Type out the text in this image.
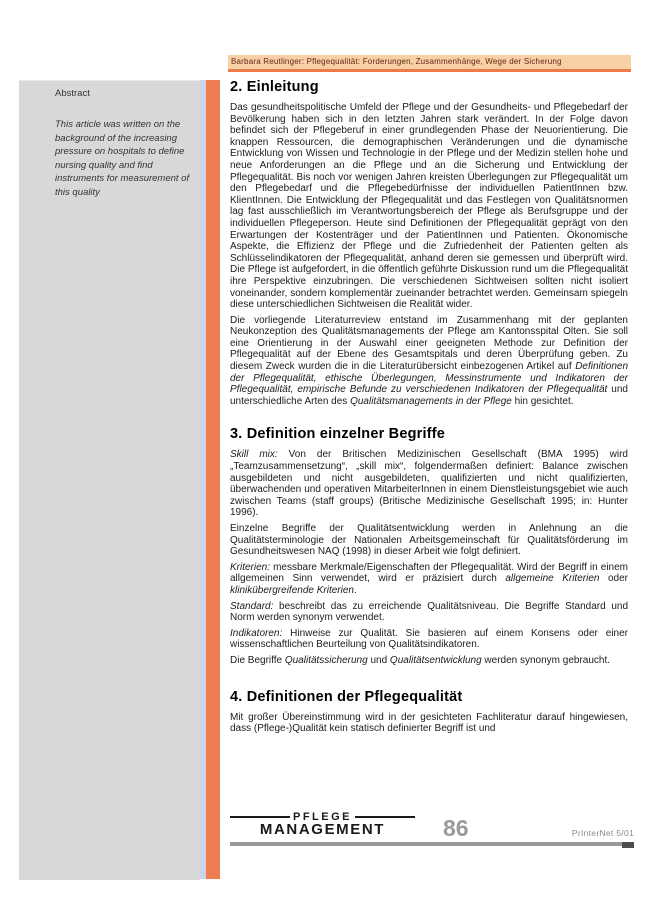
Barbara Reutlinger: Pflegequalität: Forderungen, Zusammenhänge, Wege der Sicherung
Abstract
This article was written on the background of the increasing pressure on hospitals to define nursing quality and find instruments for measurement of this quality
2. Einleitung

Das gesundheitspolitische Umfeld der Pflege und der Gesundheits- und Pflegebedarf der Bevölkerung haben sich in den letzten Jahren stark verändert. In der Folge davon befindet sich der Pflegeberuf in einer grundlegenden Phase der Neuorientierung. Die knappen Ressourcen, die demographischen Veränderungen und die dynamische Entwicklung von Wissen und Technologie in der Pflege und der Medizin stellen hohe und neue Anforderungen an die Pflege und an die Sicherung und Entwicklung der Pflegequalität. Bis noch vor wenigen Jahren kreisten Überlegungen zur Pflegequalität um den Pflegebedarf und die Pflegebedürfnisse der individuellen PatientInnen bzw. KlientInnen. Die Entwicklung der Pflegequalität und das Festlegen von Qualitätsnormen lag fast ausschließlich im Verantwortungsbereich der Pflege als Berufsgruppe und der individuellen Pflegeperson. Heute sind Definitionen der Pflegequalität geprägt von den Erwartungen der Kostenträger und der PatientInnen und Patienten. Ökonomische Aspekte, die Effizienz der Pflege und die Zufriedenheit der Patienten gelten als Schlüsselindikatoren der Pflegequalität, anhand deren sie gemessen und überprüft wird. Die Pflege ist aufgefordert, in die öffentlich geführte Diskussion rund um die Pflegequalität ihre Perspektive einzubringen. Die verschiedenen Sichtweisen sollten nicht isoliert voneinander, sondern komplementär zueinander betrachtet werden. Gemeinsam spiegeln diese unterschiedlichen Sichtweisen die Realität wider.

Die vorliegende Literaturreview entstand im Zusammenhang mit der geplanten Neukonzeption des Qualitätsmanagements der Pflege am Kantonsspital Olten. Sie soll eine Orientierung in der Auswahl einer geeigneten Methode zur Definition der Pflegequalität auf der Ebene des Gesamtspitals und deren Überprüfung geben. Zu diesem Zweck wurden die in die Literaturübersicht einbezogenen Artikel auf Definitionen der Pflegequalität, ethische Überlegungen, Messinstrumente und Indikatoren der Pflegequalität, empirische Befunde zu verschiedenen Indikatoren der Pflegequalität und unterschiedliche Arten des Qualitätsmanagements in der Pflege hin gesichtet.

3. Definition einzelner Begriffe

Skill mix: Von der Britischen Medizinischen Gesellschaft (BMA 1995) wird „Teamzusammensetzung“, „skill mix“, folgendermaßen definiert: Balance zwischen ausgebildeten und nicht ausgebildeten, qualifizierten und nicht qualifizierten, überwachenden und operativen MitarbeiterInnen in einem Dienstleistungsgebiet wie auch zwischen Teams (staff groups) (Britische Medizinische Gesellschaft 1995; in: Hunter 1996).

Einzelne Begriffe der Qualitätsentwicklung werden in Anlehnung an die Qualitätsterminologie der Nationalen Arbeitsgemeinschaft für Qualitätsförderung im Gesundheitswesen NAQ (1998) in dieser Arbeit wie folgt definiert.

Kriterien: messbare Merkmale/Eigenschaften der Pflegequalität. Wird der Begriff in einem allgemeinen Sinn verwendet, wird er präzisiert durch allgemeine Kriterien oder klinikübergreifende Kriterien.

Standard: beschreibt das zu erreichende Qualitätsniveau. Die Begriffe Standard und Norm werden synonym verwendet.

Indikatoren: Hinweise zur Qualität. Sie basieren auf einem Konsens oder einer wissenschaftlichen Beurteilung von Qualitätsindikatoren.

Die Begriffe Qualitätssicherung und Qualitätsentwicklung werden synonym gebraucht.

4. Definitionen der Pflegequalität

Mit großer Übereinstimmung wird in der gesichteten Fachliteratur darauf hingewiesen, dass (Pflege-)Qualität kein statisch definierter Begriff ist und

PFLEGE
MANAGEMENT	86	PrInterNet 5/01
